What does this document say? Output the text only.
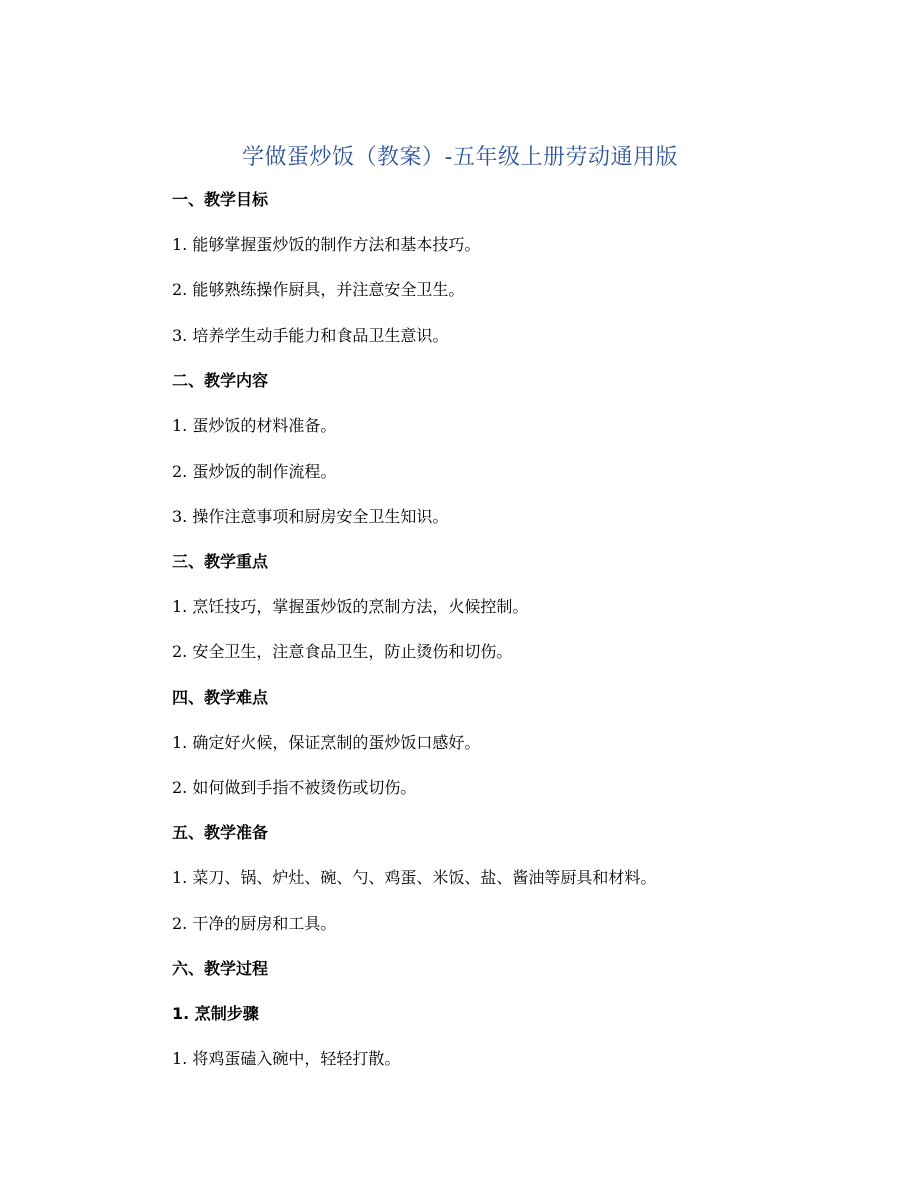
学做蛋炒饭（教案）-五年级上册劳动通用版
一、教学目标
1. 能够掌握蛋炒饭的制作方法和基本技巧。
2. 能够熟练操作厨具，并注意安全卫生。
3. 培养学生动手能力和食品卫生意识。
二、教学内容
1. 蛋炒饭的材料准备。
2. 蛋炒饭的制作流程。
3. 操作注意事项和厨房安全卫生知识。
三、教学重点
1. 烹饪技巧，掌握蛋炒饭的烹制方法，火候控制。
2. 安全卫生，注意食品卫生，防止烫伤和切伤。
四、教学难点
1. 确定好火候，保证烹制的蛋炒饭口感好。
2. 如何做到手指不被烫伤或切伤。
五、教学准备
1. 菜刀、锅、炉灶、碗、勺、鸡蛋、米饭、盐、酱油等厨具和材料。
2. 干净的厨房和工具。
六、教学过程
1. 烹制步骤
1. 将鸡蛋磕入碗中，轻轻打散。
